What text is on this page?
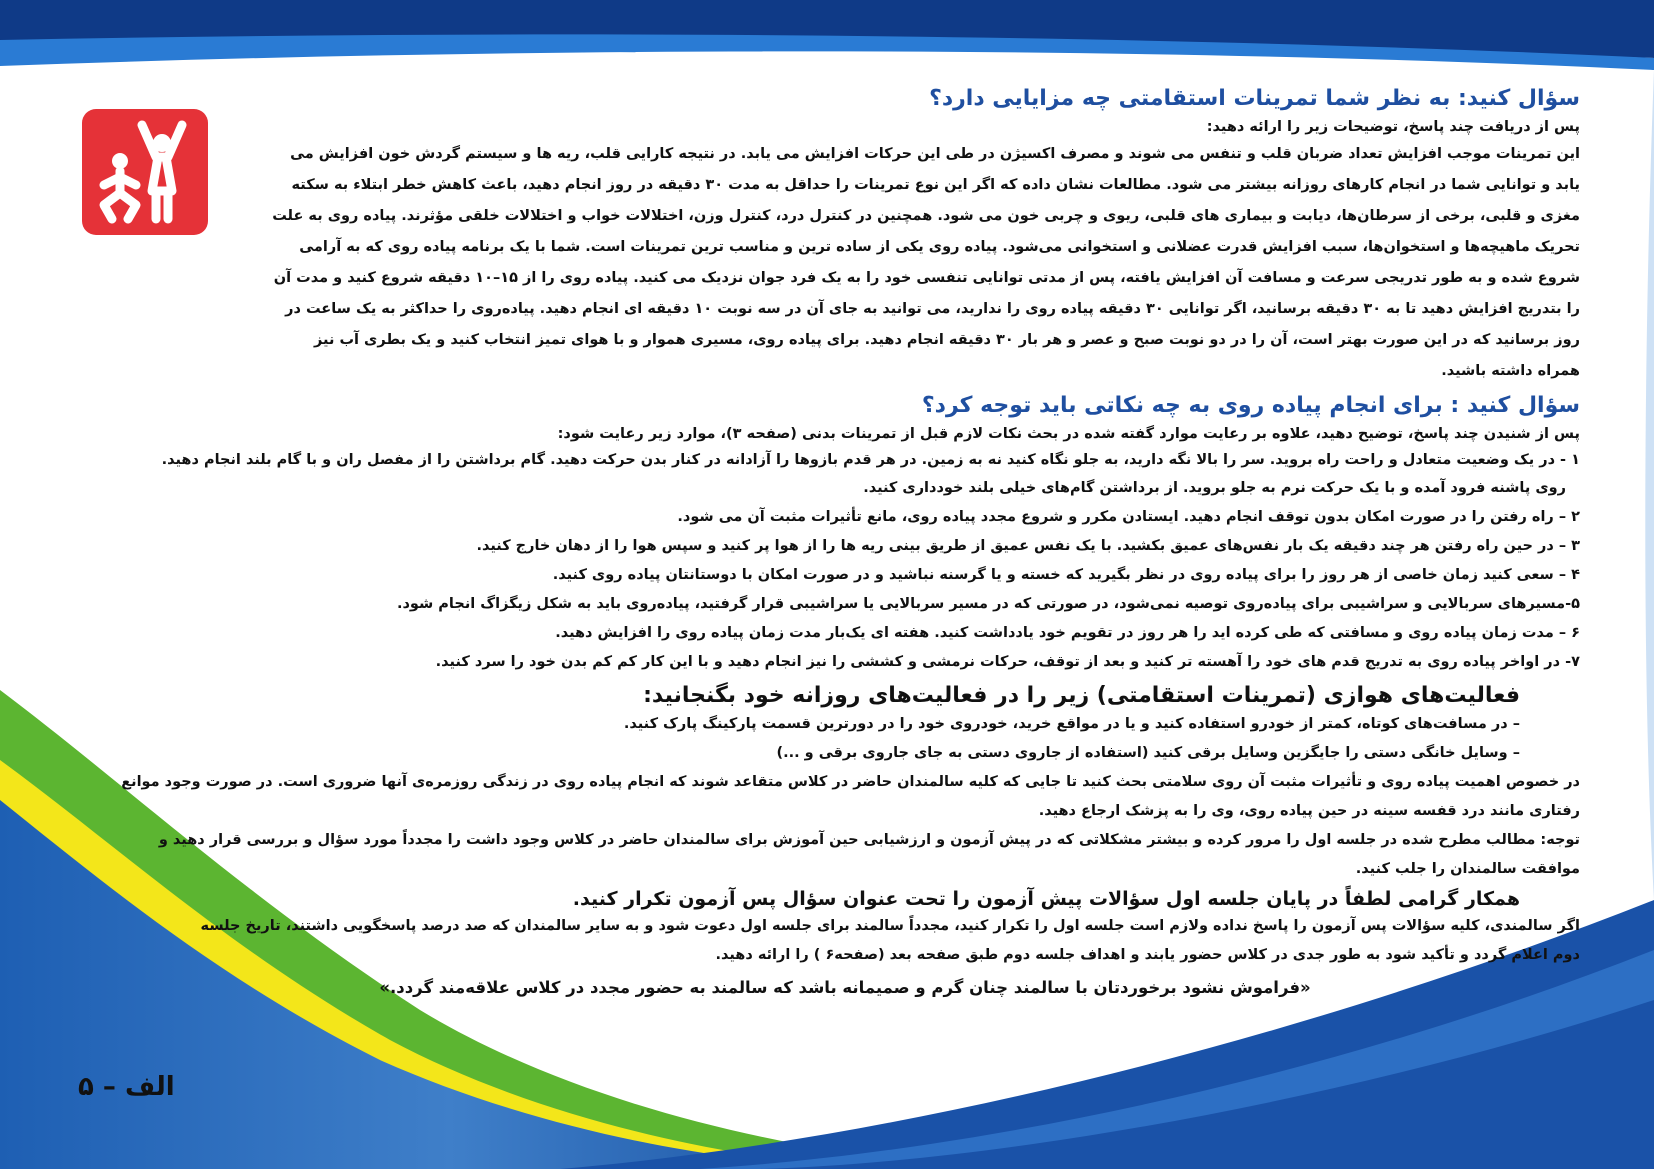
سؤال کنید: به نظر شما تمرینات استقامتی چه مزایایی دارد؟

پس از دریافت چند پاسخ، توضیحات زیر را ارائه دهید:

این تمرینات موجب افزایش تعداد ضربان قلب و تنفس می شوند و مصرف اکسیژن در طی این حرکات افزایش می یابد. در نتیجه کارایی قلب، ریه ها و سیستم گردش خون افزایش می یابد و توانایی شما در انجام کارهای روزانه بیشتر می شود. مطالعات نشان داده که اگر این نوع تمرینات را حداقل به مدت ۳۰ دقیقه در روز انجام دهید، باعث کاهش خطر ابتلاء به سکته مغزی و قلبی، برخی از سرطان‌ها، دیابت و بیماری های قلبی، ریوی و چربی خون می شود. همچنین در کنترل درد، کنترل وزن، اختلالات خواب و اختلالات خلقی مؤثرند. پیاده روی به علت تحریک ماهیچه‌ها و استخوان‌ها، سبب افزایش قدرت عضلانی و استخوانی می‌شود. پیاده روی یکی از ساده ترین و مناسب ترین تمرینات است. شما با یک برنامه پیاده روی که به آرامی شروع شده و به طور تدریجی سرعت و مسافت آن افزایش یافته، پس از مدتی توانایی تنفسی خود را به یک فرد جوان نزدیک می کنید. پیاده روی را از ۱۵–۱۰ دقیقه شروع کنید و مدت آن را بتدریج افزایش دهید تا به ۳۰ دقیقه برسانید، اگر توانایی ۳۰ دقیقه پیاده روی را ندارید، می توانید به جای آن در سه نوبت ۱۰ دقیقه ای انجام دهید. پیاده‌روی را حداکثر به یک ساعت در روز برسانید که در این صورت بهتر است، آن را در دو نوبت صبح و عصر و هر بار ۳۰ دقیقه انجام دهید. برای پیاده روی، مسیری هموار و با هوای تمیز انتخاب کنید و یک بطری آب نیز همراه داشته باشید.

سؤال کنید : برای انجام پیاده روی به چه نکاتی باید توجه کرد؟

پس از شنیدن چند پاسخ، توضیح دهید، علاوه بر رعایت موارد گفته شده در بحث نکات لازم قبل از تمرینات بدنی (صفحه ۳)، موارد زیر رعایت شود:

۱ - در یک وضعیت متعادل و راحت راه بروید. سر را بالا نگه دارید، به جلو نگاه کنید نه به زمین. در هر قدم بازوها را آزادانه در کنار بدن حرکت دهید. گام برداشتن را از مفصل ران و با گام بلند انجام دهید.
روی پاشنه فرود آمده و با یک حرکت نرم به جلو بروید. از برداشتن گام‌های خیلی بلند خودداری کنید.
۲ – راه رفتن را در صورت امکان بدون توقف انجام دهید. ایستادن مکرر و شروع مجدد پیاده روی، مانع تأثیرات مثبت آن می شود.
۳ – در حین راه رفتن هر چند دقیقه یک بار نفس‌های عمیق بکشید. با یک نفس عمیق از طریق بینی ریه ها را از هوا پر کنید و سپس هوا را از دهان خارج کنید.
۴ – سعی کنید زمان خاصی از هر روز را برای پیاده روی در نظر بگیرید که خسته و یا گرسنه نباشید و در صورت امکان با دوستانتان پیاده روی کنید.
۵-مسیرهای سربالایی و سراشیبی برای پیاده‌روی توصیه‌ نمی‌شود، در صورتی که در مسیر سربالایی یا سراشیبی قرار گرفتید، پیاده‌روی باید به شکل زیگزاگ انجام شود.
۶ – مدت زمان پیاده روی و مسافتی که طی کرده اید را هر روز در تقویم خود یادداشت کنید. هفته ای یک‌بار مدت زمان پیاده روی را افزایش دهید.
۷- در اواخر پیاده روی به تدریج قدم های خود را آهسته تر کنید و بعد از توقف، حرکات نرمشی و کششی را نیز انجام دهید و با این کار کم کم بدن خود را سرد کنید.
فعالیت‌های هوازی (تمرینات استقامتی) زیر را در فعالیت‌های روزانه خود بگنجانید:

– در مسافت‌های کوتاه، کمتر از خودرو استفاده کنید و یا در مواقع خرید، خودروی خود را در دورترین قسمت پارکینگ پارک کنید.

– وسایل خانگی دستی را جایگزین وسایل برقی کنید (استفاده از جاروی دستی به جای جاروی برقی و ...)

در خصوص اهمیت پیاده روی و تأثیرات مثبت آن روی سلامتی بحث کنید تا جایی که کلیه سالمندان حاضر در کلاس متقاعد شوند که انجام پیاده روی در زندگی روزمره‌ی آنها ضروری است. در صورت وجود موانع رفتاری مانند درد قفسه سینه در حین پیاده روی، وی را به پزشک ارجاع دهید.

توجه: مطالب مطرح شده در جلسه اول را مرور کرده و بیشتر مشکلاتی که در پیش آزمون و ارزشیابی حین آموزش برای سالمندان حاضر در کلاس وجود داشت را مجدداً مورد سؤال و بررسی قرار دهید و موافقت سالمندان را جلب کنید.

همکار گرامی لطفاً در پایان جلسه اول سؤالات پیش آزمون را تحت عنوان سؤال پس آزمون تکرار کنید.

اگر سالمندی، کلیه سؤالات پس آزمون را پاسخ نداده ولازم است جلسه اول را تکرار کنید، مجدداً سالمند برای جلسه اول دعوت شود و به سایر سالمندان که صد درصد پاسخگویی داشتند، تاریخ جلسه دوم اعلام گردد و تأکید شود به طور جدی در کلاس حضور یابند و اهداف جلسه دوم طبق صفحه بعد (صفحه۶ ) را ارائه دهید.

«فراموش نشود برخوردتان با سالمند چنان گرم و صمیمانه باشد که سالمند به حضور مجدد در کلاس علاقه‌مند گردد.»

الف – ۵
